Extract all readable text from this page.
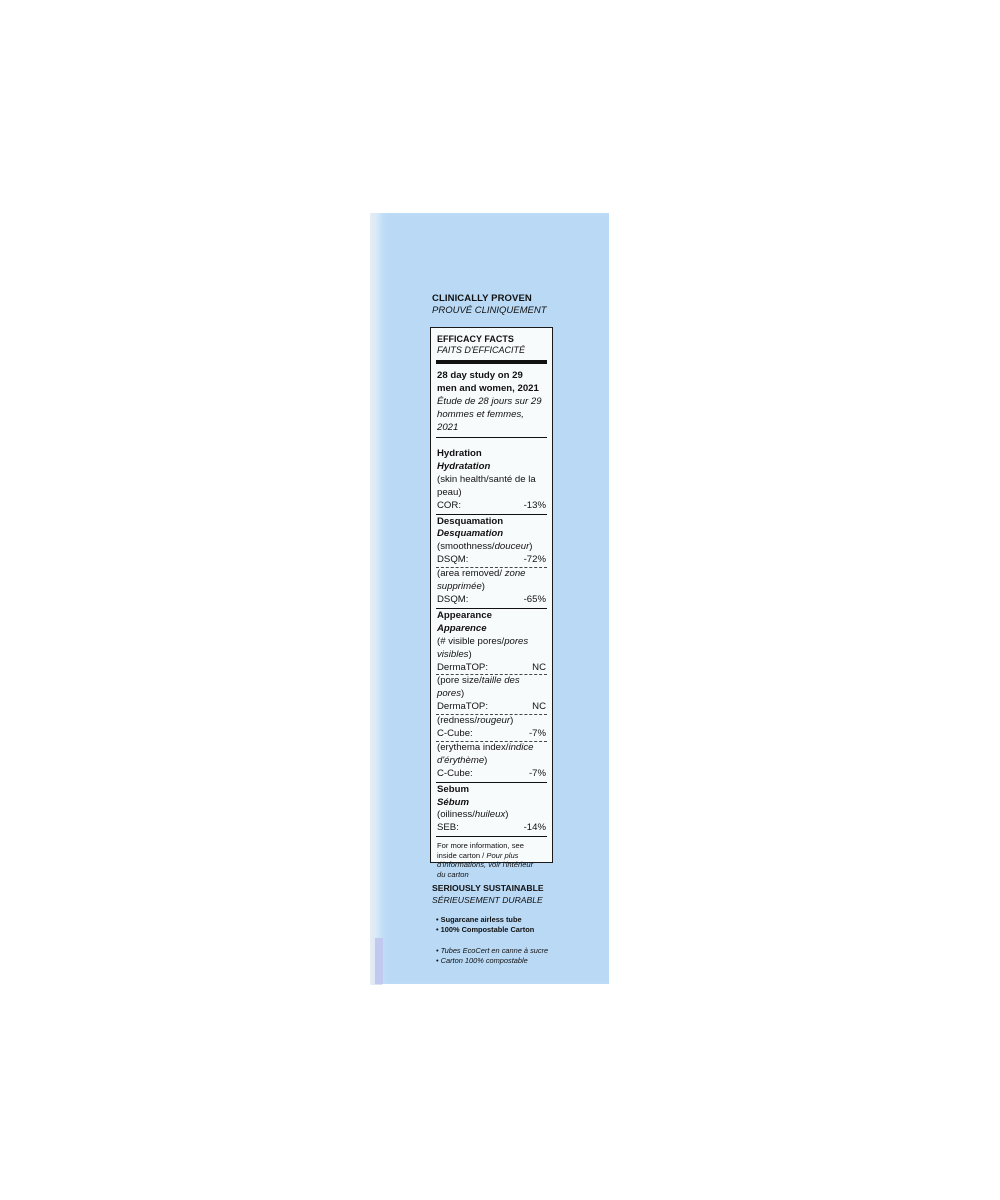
CLINICALLY PROVEN
PROUVÉ CLINIQUEMENT
EFFICACY FACTS
FAITS D'EFFICACITÉ
28 day study on 29
men and women, 2021
Étude de 28 jours sur 29
hommes et femmes, 2021
Hydration
Hydratation
(skin health/santé de la
peau)
COR:	-13%
Desquamation
Desquamation
(smoothness/douceur)
DSQM:	-72%
(area removed/ zone
supprimée)
DSQM:	-65%
Appearance
Apparence
(# visible pores/pores
visibles)
DermaTOP:	NC
(pore size/taille des
pores)
DermaTOP:	NC
(redness/rougeur)
C-Cube:	-7%
(erythema index/indice
d'érythème)
C-Cube:	-7%
Sebum
Sébum
(oiliness/huileux)
SEB:	-14%
For more information, see
inside carton / Pour plus
d'informations, voir l'intérieur
du carton
SERIOUSLY SUSTAINABLE
SÉRIEUSEMENT DURABLE
• Sugarcane airless tube
• 100% Compostable Carton
• Tubes EcoCert en canne à sucre
• Carton 100% compostable
